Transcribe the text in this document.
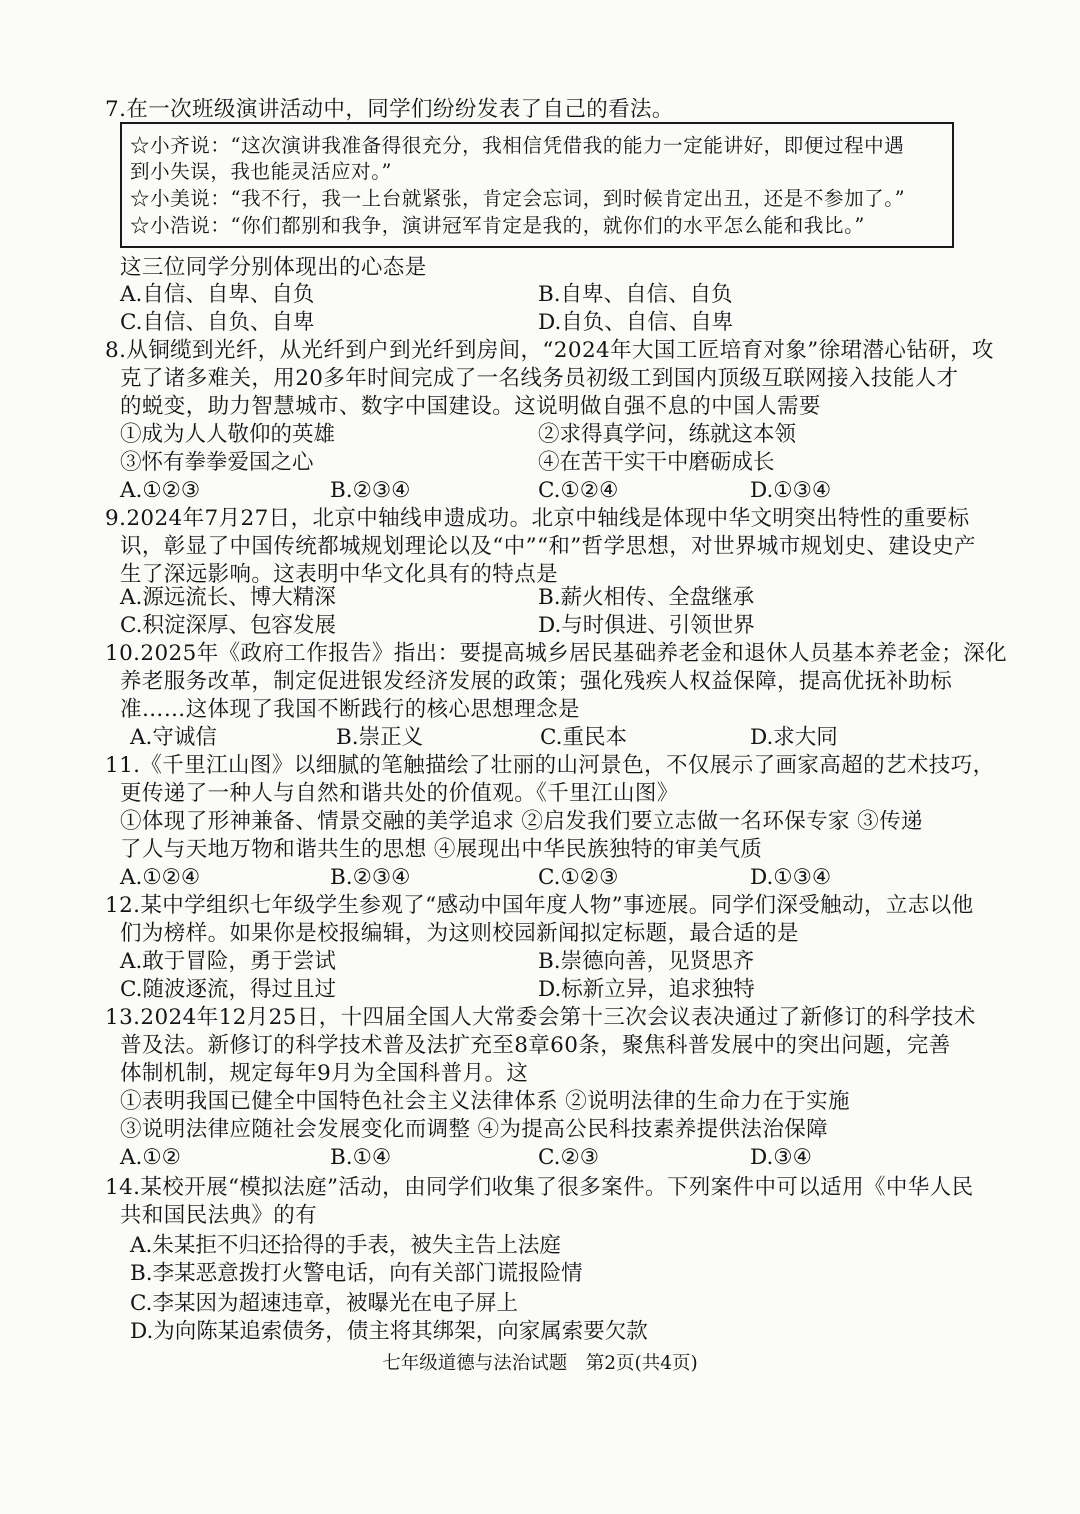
7.在一次班级演讲活动中，同学们纷纷发表了自己的看法。
☆小齐说：“这次演讲我准备得很充分，我相信凭借我的能力一定能讲好，即便过程中遇
到小失误，我也能灵活应对。”
☆小美说：“我不行，我一上台就紧张，肯定会忘词，到时候肯定出丑，还是不参加了。”
☆小浩说：“你们都别和我争，演讲冠军肯定是我的，就你们的水平怎么能和我比。”
这三位同学分别体现出的心态是
A.自信、自卑、自负	B.自卑、自信、自负
C.自信、自负、自卑	D.自负、自信、自卑
8.从铜缆到光纤，从光纤到户到光纤到房间，“2024年大国工匠培育对象”徐珺潜心钻研，攻
克了诸多难关，用20多年时间完成了一名线务员初级工到国内顶级互联网接入技能人才
的蜕变，助力智慧城市、数字中国建设。这说明做自强不息的中国人需要
①成为人人敬仰的英雄	②求得真学问，练就这本领
③怀有拳拳爱国之心	④在苦干实干中磨砺成长
A.①②③	B.②③④	C.①②④	D.①③④
9.2024年7月27日，北京中轴线申遗成功。北京中轴线是体现中华文明突出特性的重要标
识，彰显了中国传统都城规划理论以及“中”“和”哲学思想，对世界城市规划史、建设史产
生了深远影响。这表明中华文化具有的特点是
A.源远流长、博大精深	B.薪火相传、全盘继承
C.积淀深厚、包容发展	D.与时俱进、引领世界
10.2025年《政府工作报告》指出：要提高城乡居民基础养老金和退休人员基本养老金；深化
养老服务改革，制定促进银发经济发展的政策；强化残疾人权益保障，提高优抚补助标
准……这体现了我国不断践行的核心思想理念是
A.守诚信	B.崇正义	C.重民本	D.求大同
11.《千里江山图》以细腻的笔触描绘了壮丽的山河景色，不仅展示了画家高超的艺术技巧，
更传递了一种人与自然和谐共处的价值观。《千里江山图》
①体现了形神兼备、情景交融的美学追求 ②启发我们要立志做一名环保专家 ③传递
了人与天地万物和谐共生的思想 ④展现出中华民族独特的审美气质
A.①②④	B.②③④	C.①②③	D.①③④
12.某中学组织七年级学生参观了“感动中国年度人物”事迹展。同学们深受触动，立志以他
们为榜样。如果你是校报编辑，为这则校园新闻拟定标题，最合适的是
A.敢于冒险，勇于尝试	B.崇德向善，见贤思齐
C.随波逐流，得过且过	D.标新立异，追求独特
13.2024年12月25日，十四届全国人大常委会第十三次会议表决通过了新修订的科学技术
普及法。新修订的科学技术普及法扩充至8章60条，聚焦科普发展中的突出问题，完善
体制机制，规定每年9月为全国科普月。这
①表明我国已健全中国特色社会主义法律体系 ②说明法律的生命力在于实施
③说明法律应随社会发展变化而调整 ④为提高公民科技素养提供法治保障
A.①②	B.①④	C.②③	D.③④
14.某校开展“模拟法庭”活动，由同学们收集了很多案件。下列案件中可以适用《中华人民
共和国民法典》的有
A.朱某拒不归还拾得的手表，被失主告上法庭
B.李某恶意拨打火警电话，向有关部门谎报险情
C.李某因为超速违章，被曝光在电子屏上
D.为向陈某追索债务，债主将其绑架，向家属索要欠款
七年级道德与法治试题　第2页(共4页)
